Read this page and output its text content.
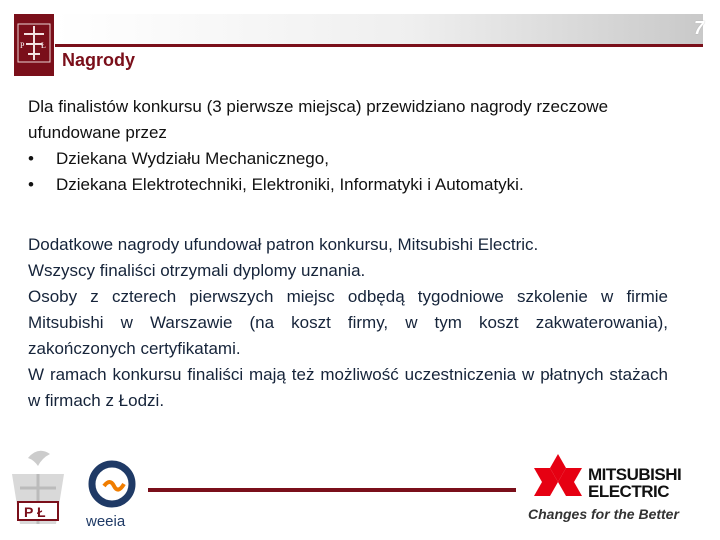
7
P Ł
Nagrody
Dla finalistów konkursu (3 pierwsze miejsca) przewidziano nagrody rzeczowe ufundowane przez
•	Dziekana Wydziału Mechanicznego,
•	Dziekana Elektrotechniki, Elektroniki, Informatyki i Automatyki.
Dodatkowe nagrody ufundował patron konkursu, Mitsubishi Electric.
Wszyscy finaliści otrzymali dyplomy uznania.
Osoby z czterech pierwszych miejsc odbędą tygodniowe szkolenie w firmie Mitsubishi w Warszawie (na koszt firmy, w tym koszt zakwaterowania), zakończonych certyfikatami.
W ramach konkursu finaliści mają też możliwość uczestniczenia w płatnych stażach w firmach z Łodzi.
P Ł
weeia
MITSUBISHI
ELECTRIC
Changes for the Better
